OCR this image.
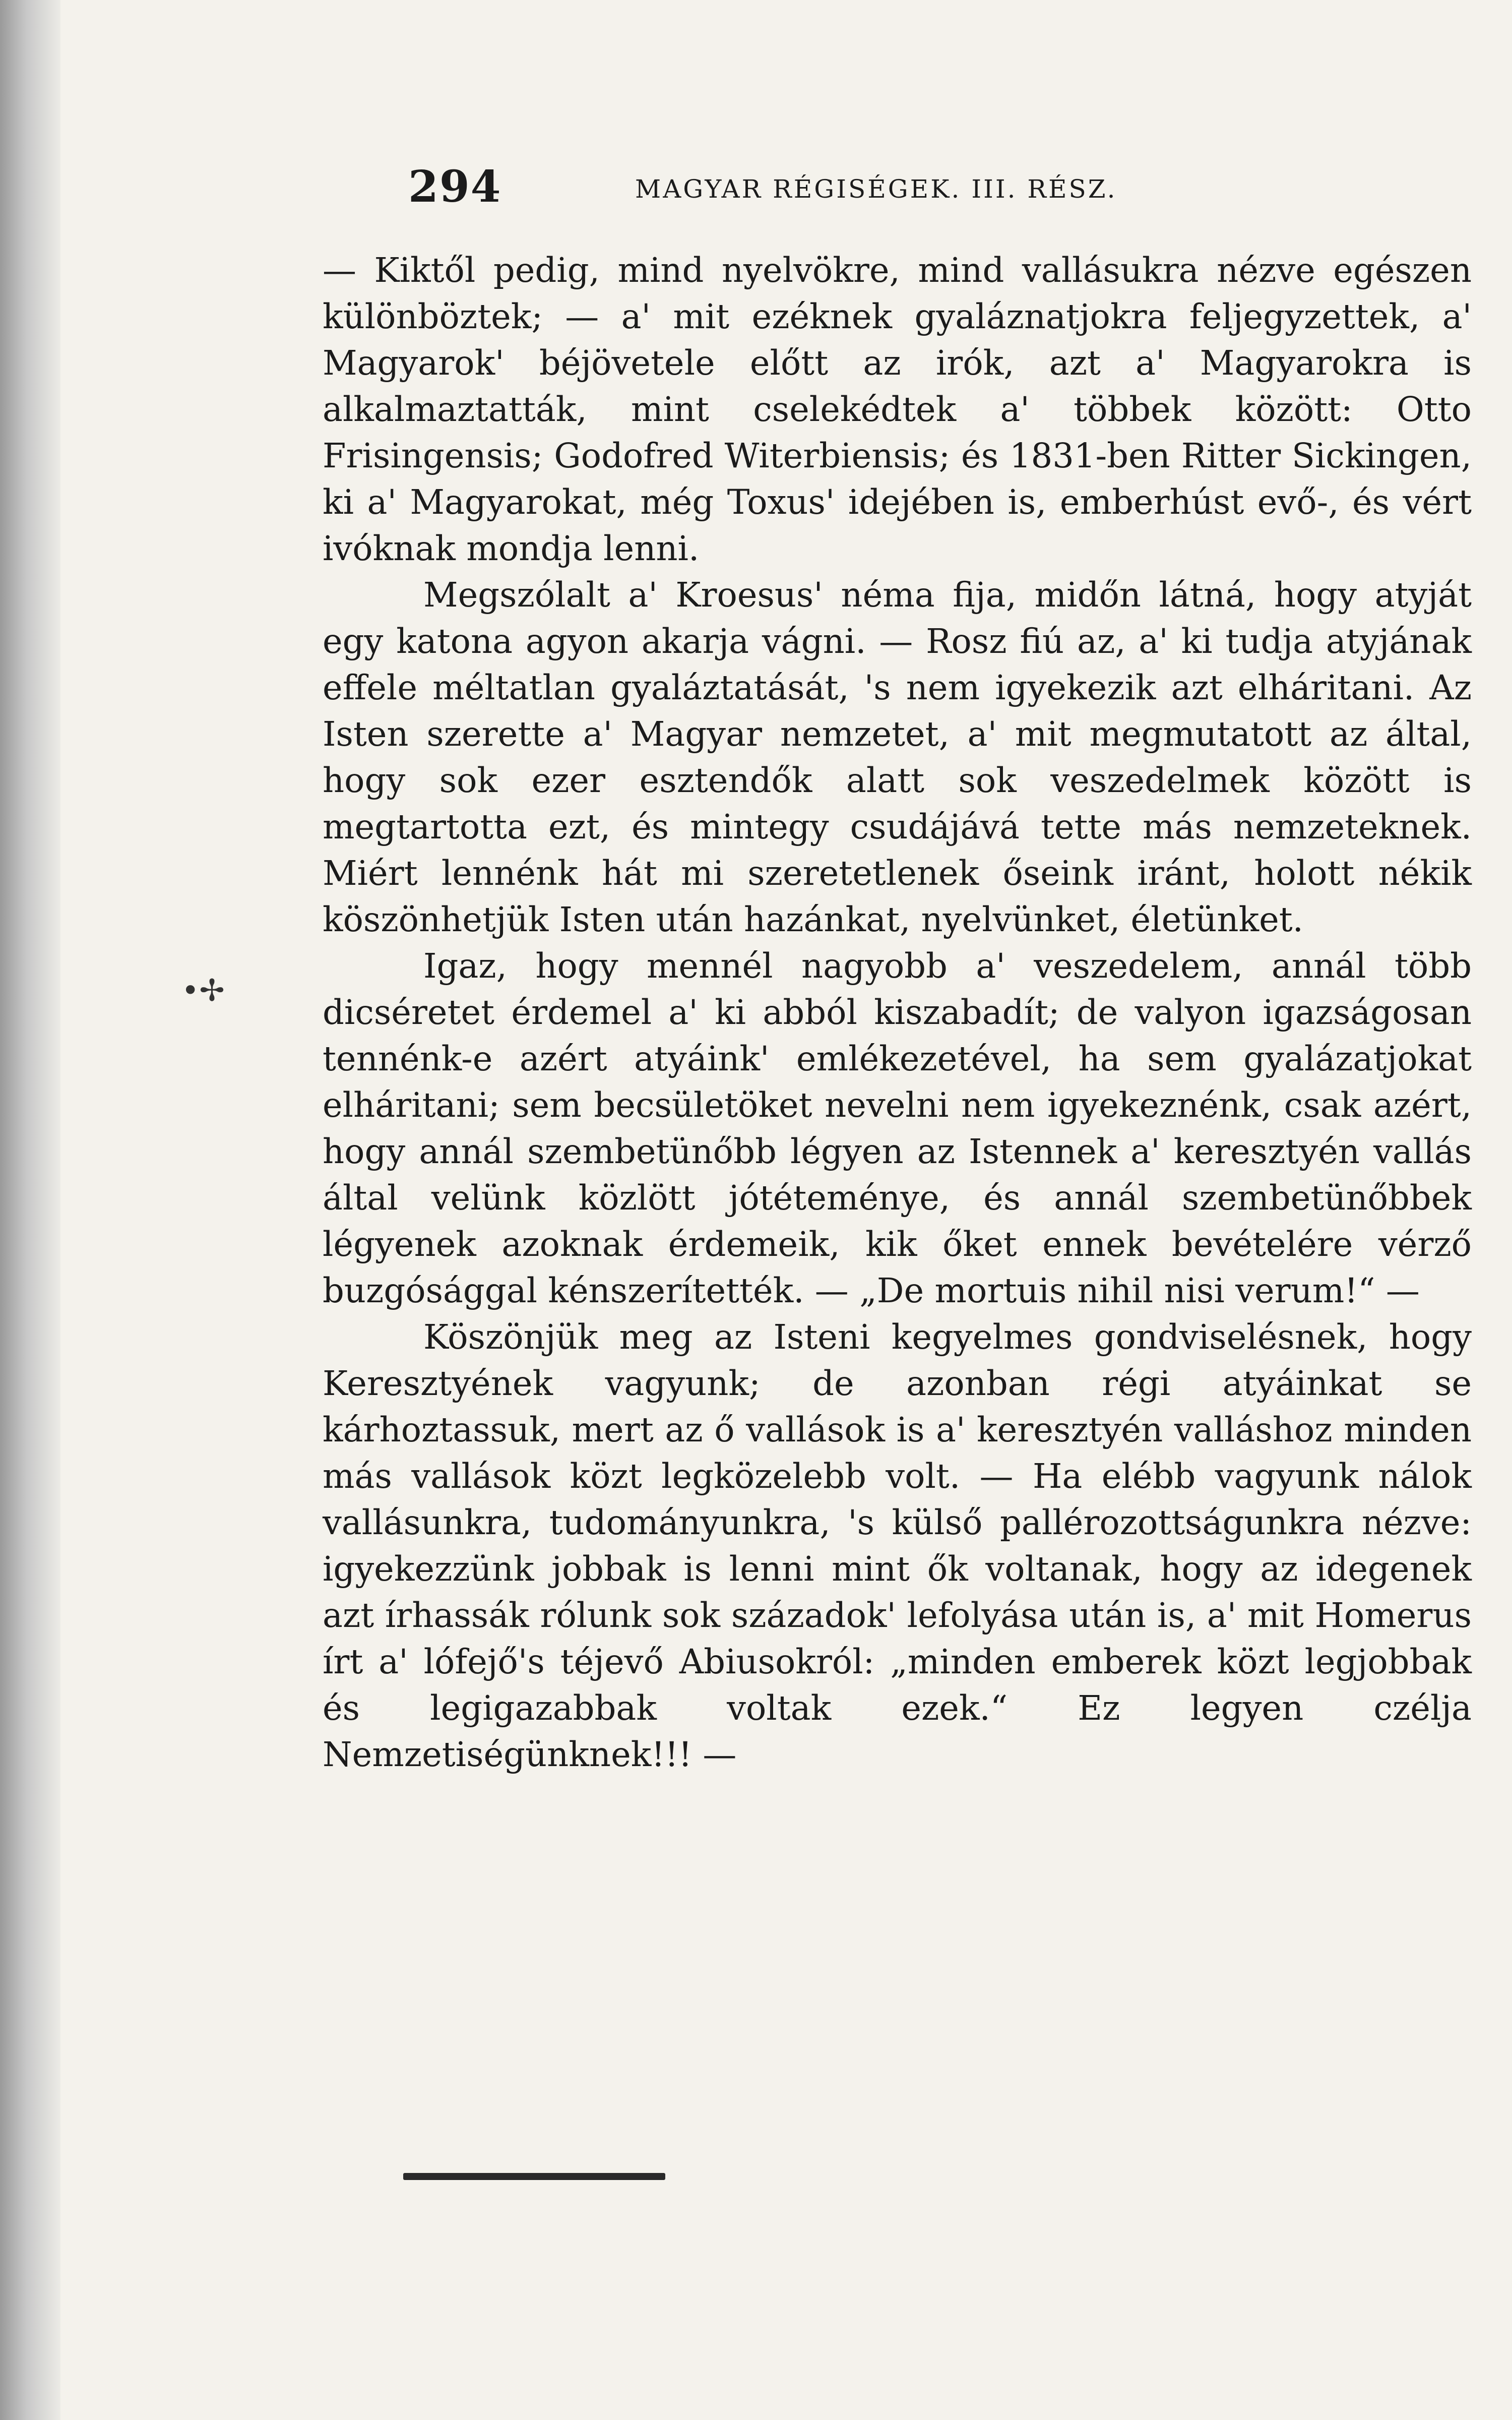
294	MAGYAR RÉGISÉGEK. III. RÉSZ.

— Kiktől pedig, mind nyelvökre, mind vallásukra nézve egészen különböztek; — a' mit ezéknek gyaláznatjokra feljegyzettek, a' Magyarok' béjövetele előtt az irók, azt a' Magyarokra is alkalmaztatták, mint cselekédtek a' többek között: Otto Frisingensis; Godofred Witerbiensis; és 1831-ben Ritter Sickingen, ki a' Magyarokat, még Toxus' idejében is, emberhúst evő-, és vért ivóknak mondja lenni.

Megszólalt a' Kroesus' néma fija, midőn látná, hogy atyját egy katona agyon akarja vágni. — Rosz fiú az, a' ki tudja atyjának effele méltatlan gyaláztatását, 's nem igyekezik azt elháritani. Az Isten szerette a' Magyar nemzetet, a' mit megmutatott az által, hogy sok ezer esztendők alatt sok veszedelmek között is megtartotta ezt, és mintegy csudájává tette más nemzeteknek. Miért lennénk hát mi szeretetlenek őseink iránt, holott nékik köszönhetjük Isten után hazánkat, nyelvünket, életünket.

Igaz, hogy mennél nagyobb a' veszedelem, annál több dicséretet érdemel a' ki abból kiszabadít; de valyon igazságosan tennénk-e azért atyáink' emlékezetével, ha sem gyalázatjokat elháritani; sem becsületöket nevelni nem igyekeznénk, csak azért, hogy annál szembetünőbb légyen az Istennek a' keresztyén vallás által velünk közlött jótéteménye, és annál szembetünőbbek légyenek azoknak érdemeik, kik őket ennek bevételére vérző buzgósággal kénszerítették. — „De mortuis nihil nisi verum!“ —

Köszönjük meg az Isteni kegyelmes gondviselésnek, hogy Keresztyének vagyunk; de azonban régi atyáinkat se kárhoztassuk, mert az ő vallások is a' keresztyén valláshoz minden más vallások közt legközelebb volt. — Ha elébb vagyunk nálok vallásunkra, tudományunkra, 's külső pallérozottságunkra nézve: igyekezzünk jobbak is lenni mint ők voltanak, hogy az idegenek azt írhassák rólunk sok századok' lefolyása után is, a' mit Homerus írt a' lófejő's téjevő Abiusokról: „minden emberek közt legjobbak és legigazabbak voltak ezek.“ Ez legyen czélja Nemzetiségünknek!!! —

•✢
